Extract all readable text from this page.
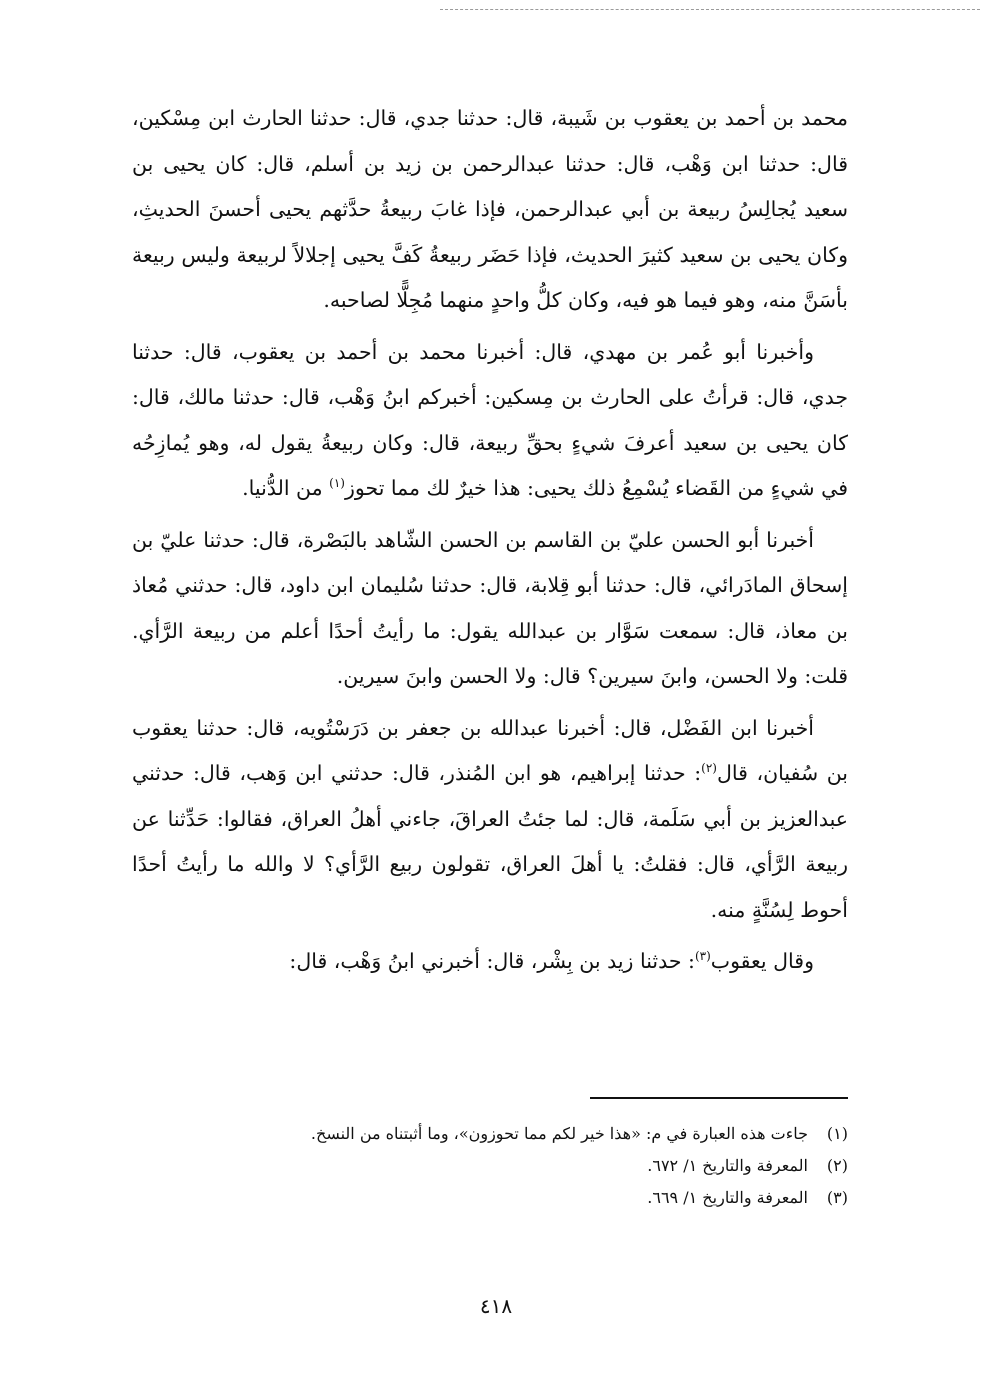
محمد بن أحمد بن يعقوب بن شَيبة، قال: حدثنا جدي، قال: حدثنا الحارث ابن مِسْكين، قال: حدثنا ابن وَهْب، قال: حدثنا عبدالرحمن بن زيد بن أسلم، قال: كان يحيى بن سعيد يُجالِسُ ربيعة بن أبي عبدالرحمن، فإذا غابَ ربيعةُ حدَّثهم يحيى أحسنَ الحديثِ، وكان يحيى بن سعيد كثيرَ الحديث، فإذا حَضَر ربيعةُ كَفَّ يحيى إجلالاً لربيعة وليس ربيعة بأسَنَّ منه، وهو فيما هو فيه، وكان كلُّ واحدٍ منهما مُجِلًّا لصاحبه.

وأخبرنا أبو عُمر بن مهدي، قال: أخبرنا محمد بن أحمد بن يعقوب، قال: حدثنا جدي، قال: قرأتُ على الحارث بن مِسكين: أخبركم ابنُ وَهْب، قال: حدثنا مالك، قال: كان يحيى بن سعيد أعرفَ شيءٍ بحقِّ ربيعة، قال: وكان ربيعةُ يقول له، وهو يُمازِحُه في شيءٍ من القَضاء يُسْمِعُ ذلك يحيى: هذا خيرٌ لك مما تحوز$^{(١)}$ من الدُّنيا.

أخبرنا أبو الحسن عليّ بن القاسم بن الحسن الشّاهد بالبَصْرة، قال: حدثنا عليّ بن إسحاق المادَرائي، قال: حدثنا أبو قِلابة، قال: حدثنا سُليمان ابن داود، قال: حدثني مُعاذ بن معاذ، قال: سمعت سَوَّار بن عبدالله يقول: ما رأيتُ أحدًا أعلم من ربيعة الرَّأي. قلت: ولا الحسن، وابنَ سيرين؟ قال: ولا الحسن وابنَ سيرين.

أخبرنا ابن الفَضْل، قال: أخبرنا عبدالله بن جعفر بن دَرَسْتُويه، قال: حدثنا يعقوب بن سُفيان، قال$^{(٢)}$: حدثنا إبراهيم، هو ابن المُنذر، قال: حدثني ابن وَهب، قال: حدثني عبدالعزيز بن أبي سَلَمة، قال: لما جئتُ العراقَ، جاءني أهلُ العراق، فقالوا: حَدِّثنا عن ربيعة الرَّأي، قال: فقلتُ: يا أهلَ العراق، تقولون ربيع الرَّأي؟ لا والله ما رأيتُ أحدًا أحوط لِسُنَّةٍ منه.

وقال يعقوب$^{(٣)}$: حدثنا زيد بن بِشْر، قال: أخبرني ابنُ وَهْب، قال:

(١)
جاءت هذه العبارة في م: «هذا خير لكم مما تحوزون»، وما أثبتناه من النسخ.
(٢)
المعرفة والتاريخ ١/ ٦٧٢.
(٣)
المعرفة والتاريخ ١/ ٦٦٩.
٤١٨
